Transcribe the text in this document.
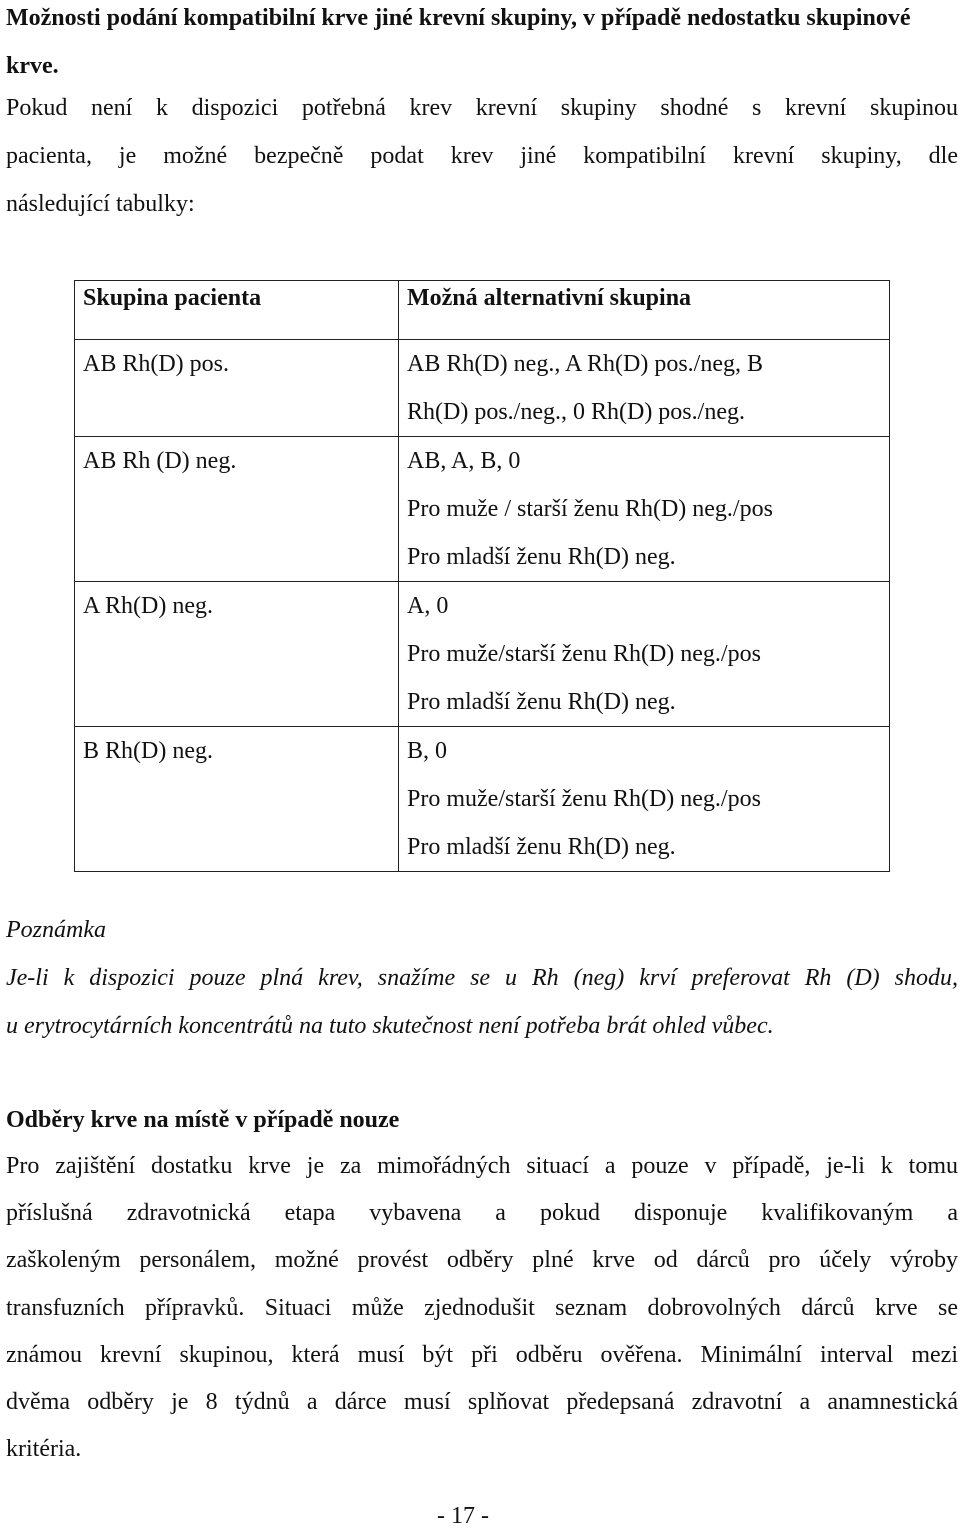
Možnosti podání kompatibilní krve jiné krevní skupiny, v případě nedostatku skupinové krve.

Pokud není k dispozici potřebná krev krevní skupiny shodné s krevní skupinou
pacienta, je možné bezpečně podat krev jiné kompatibilní krevní skupiny, dle
následující tabulky:

Skupina pacienta	Možná alternativní skupina

AB Rh(D) pos.	AB Rh(D) neg., A Rh(D) pos./neg, B
Rh(D) pos./neg., 0 Rh(D) pos./neg.

AB Rh (D) neg.	AB, A, B, 0
Pro muže / starší ženu Rh(D) neg./pos
Pro mladší ženu Rh(D) neg.

A Rh(D) neg.	A, 0
Pro muže/starší ženu Rh(D) neg./pos
Pro mladší ženu Rh(D) neg.

B Rh(D) neg.	B, 0
Pro muže/starší ženu Rh(D) neg./pos
Pro mladší ženu Rh(D) neg.

Poznámka

Je-li k dispozici pouze plná krev, snažíme se u Rh (neg) krví preferovat Rh (D) shodu,
u erytrocytárních koncentrátů na tuto skutečnost není potřeba brát ohled vůbec.

Odběry krve na místě v případě nouze

Pro zajištění dostatku krve je za mimořádných situací a pouze v případě, je-li k tomu
příslušná zdravotnická etapa vybavena a pokud disponuje kvalifikovaným a
zaškoleným personálem, možné provést odběry plné krve od dárců pro účely výroby
transfuzních přípravků. Situaci může zjednodušit seznam dobrovolných dárců krve se
známou krevní skupinou, která musí být při odběru ověřena. Minimální interval mezi
dvěma odběry je 8 týdnů a dárce musí splňovat předepsaná zdravotní a anamnestická
kritéria.

- 17 -
